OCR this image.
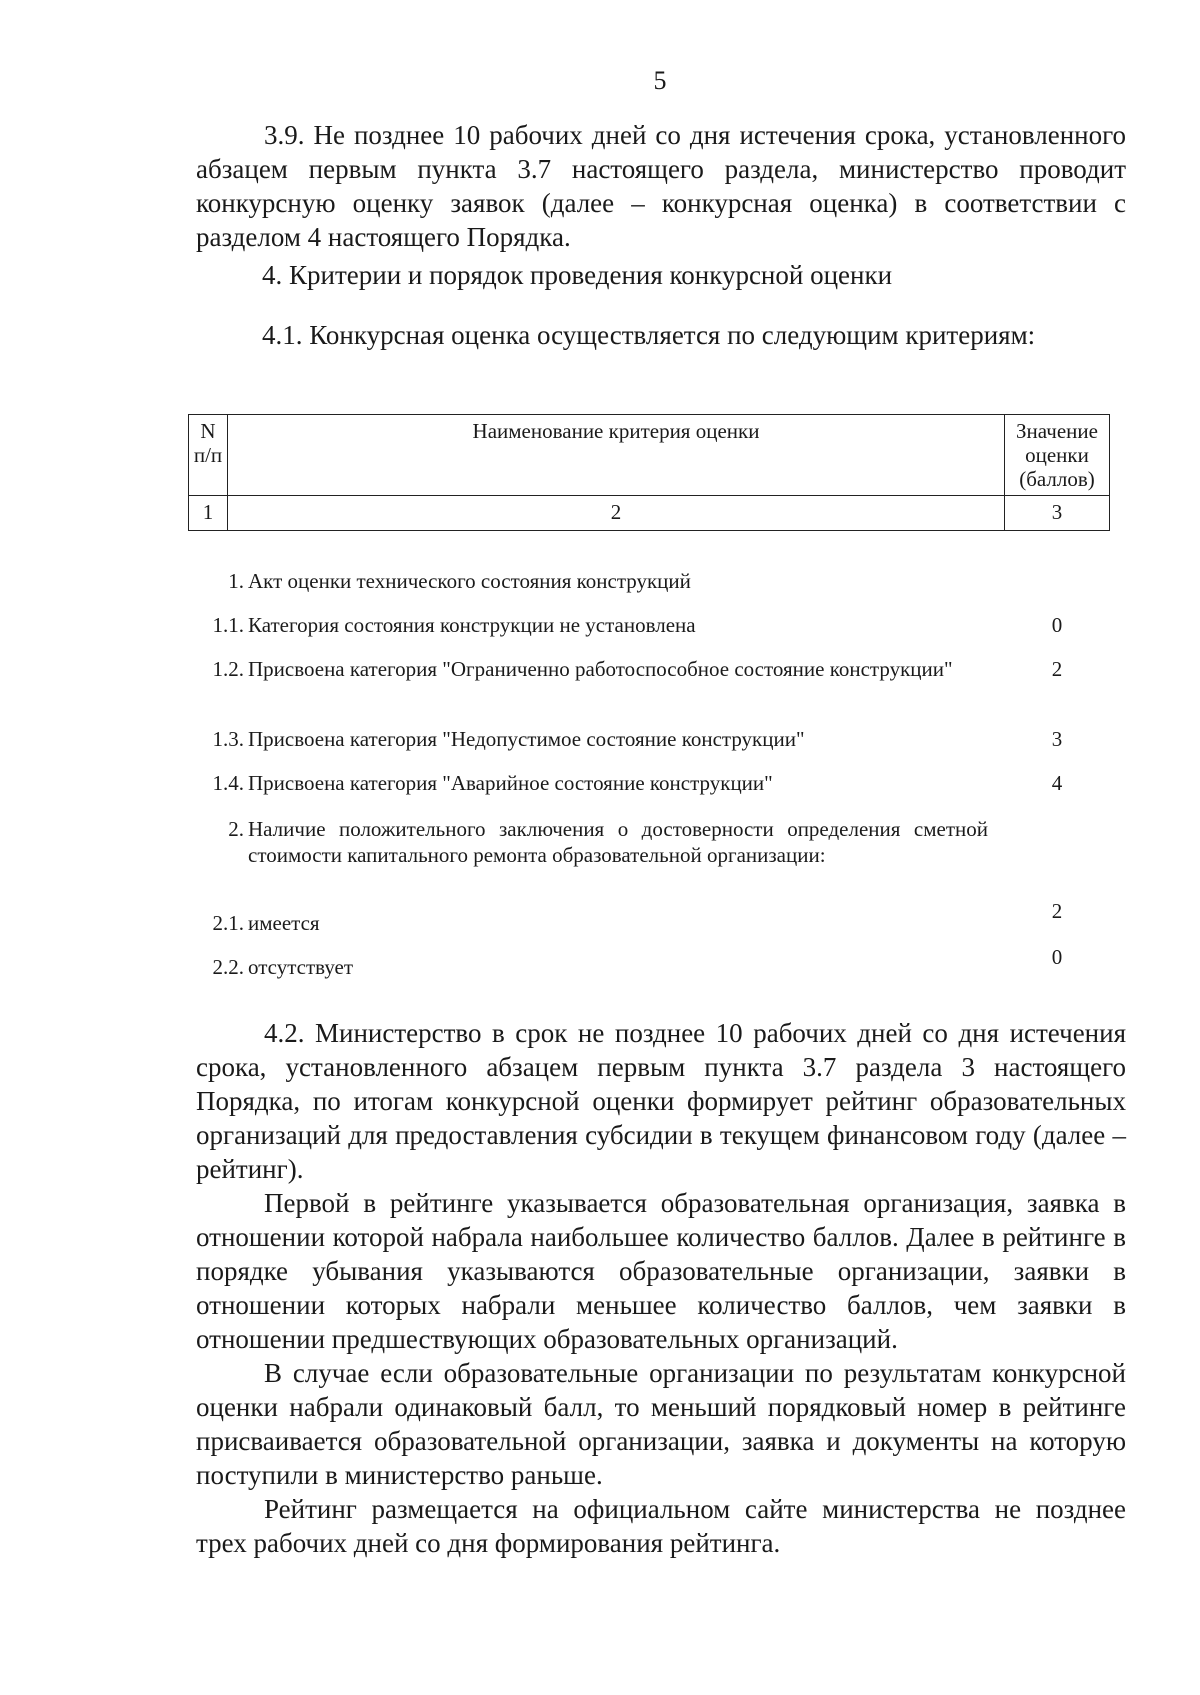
5

3.9. Не позднее 10 рабочих дней со дня истечения срока, установленного абзацем первым пункта 3.7 настоящего раздела, министерство проводит конкурсную оценку заявок (далее – конкурсная оценка) в соответствии с разделом 4 настоящего Порядка.

4. Критерии и порядок проведения конкурсной оценки

4.1. Конкурсная оценка осуществляется по следующим критериям:

N п/п	Наименование критерия оценки	Значение оценки (баллов)
1	2	3
1. Акт оценки технического состояния конструкций
1.1. Категория состояния конструкции не установлена	0
1.2. Присвоена категория "Ограниченно работоспособное состояние конструкции"	2
1.3. Присвоена категория "Недопустимое состояние конструкции"	3
1.4. Присвоена категория "Аварийное состояние конструкции"	4
2. Наличие положительного заключения о достоверности определения сметной стоимости капитального ремонта образовательной организации:
2.1. имеется	2
2.2. отсутствует	0

4.2. Министерство в срок не позднее 10 рабочих дней со дня истечения срока, установленного абзацем первым пункта 3.7 раздела 3 настоящего Порядка, по итогам конкурсной оценки формирует рейтинг образовательных организаций для предоставления субсидии в текущем финансовом году (далее – рейтинг).

Первой в рейтинге указывается образовательная организация, заявка в отношении которой набрала наибольшее количество баллов. Далее в рейтинге в порядке убывания указываются образовательные организации, заявки в отношении которых набрали меньшее количество баллов, чем заявки в отношении предшествующих образовательных организаций.

В случае если образовательные организации по результатам конкурсной оценки набрали одинаковый балл, то меньший порядковый номер в рейтинге присваивается образовательной организации, заявка и документы на которую поступили в министерство раньше.

Рейтинг размещается на официальном сайте министерства не позднее трех рабочих дней со дня формирования рейтинга.
